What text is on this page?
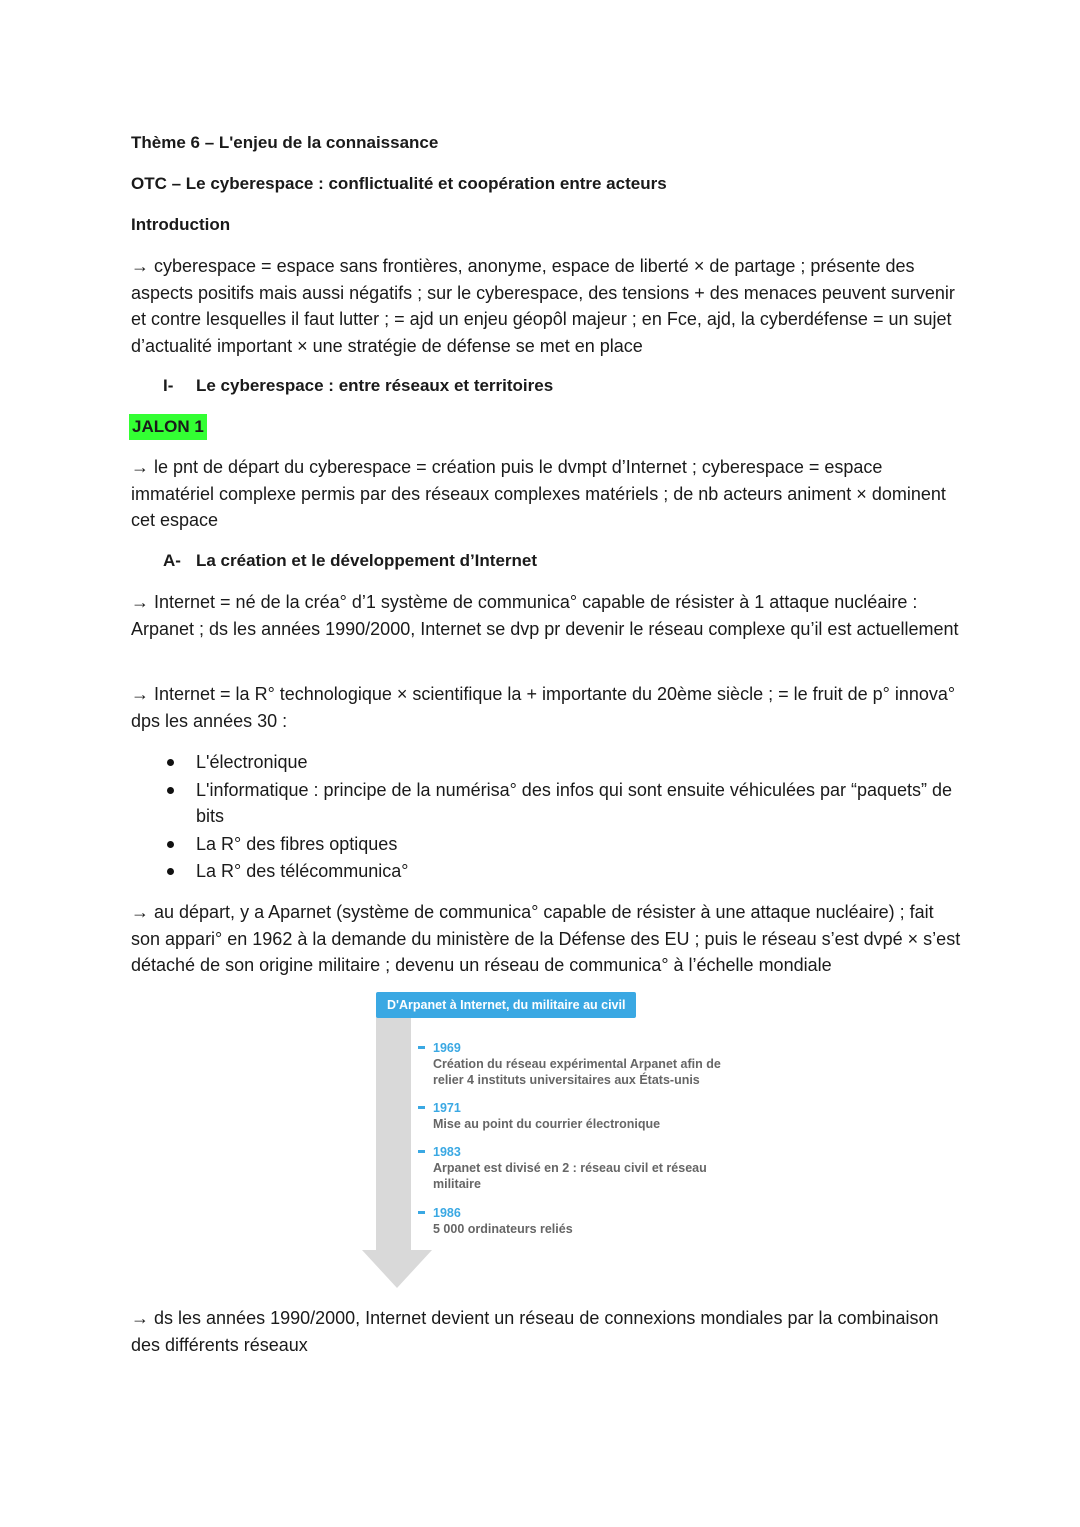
Thème 6 – L'enjeu de la connaissance
OTC – Le cyberespace : conflictualité et coopération entre acteurs
Introduction
→ cyberespace = espace sans frontières, anonyme, espace de liberté × de partage ; présente des aspects positifs mais aussi négatifs ; sur le cyberespace, des tensions + des menaces peuvent survenir et contre lesquelles il faut lutter ; = ajd un enjeu géopôl majeur ; en Fce, ajd, la cyberdéfense = un sujet d’actualité important × une stratégie de défense se met en place
I- Le cyberespace : entre réseaux et territoires
JALON 1
→ le pnt de départ du cyberespace = création puis le dvmpt d’Internet ; cyberespace = espace immatériel complexe permis par des réseaux complexes matériels ; de nb acteurs animent × dominent cet espace
A- La création et le développement d’Internet
→ Internet = né de la créa° d’1 système de communica° capable de résister à 1 attaque nucléaire : Arpanet ; ds les années 1990/2000, Internet se dvp pr devenir le réseau complexe qu’il est actuellement
→ Internet = la R° technologique × scientifique la + importante du 20ème siècle ; = le fruit de p° innova° dps les années 30 :
L'électronique
L'informatique : principe de la numérisa° des infos qui sont ensuite véhiculées par “paquets” de bits
La R° des fibres optiques
La R° des télécommunica°
→ au départ, y a Aparnet (système de communica° capable de résister à une attaque nucléaire) ; fait son appari° en 1962 à la demande du ministère de la Défense des EU ; puis le réseau s’est dvpé × s’est détaché de son origine militaire ; devenu un réseau de communica° à l’échelle mondiale
D'Arpanet à Internet, du militaire au civil
1969
Création du réseau expérimental Arpanet afin de relier 4 instituts universitaires aux États-unis
1971
Mise au point du courrier électronique
1983
Arpanet est divisé en 2 : réseau civil et réseau militaire
1986
5 000 ordinateurs reliés
→ ds les années 1990/2000, Internet devient un réseau de connexions mondiales par la combinaison des différents réseaux
